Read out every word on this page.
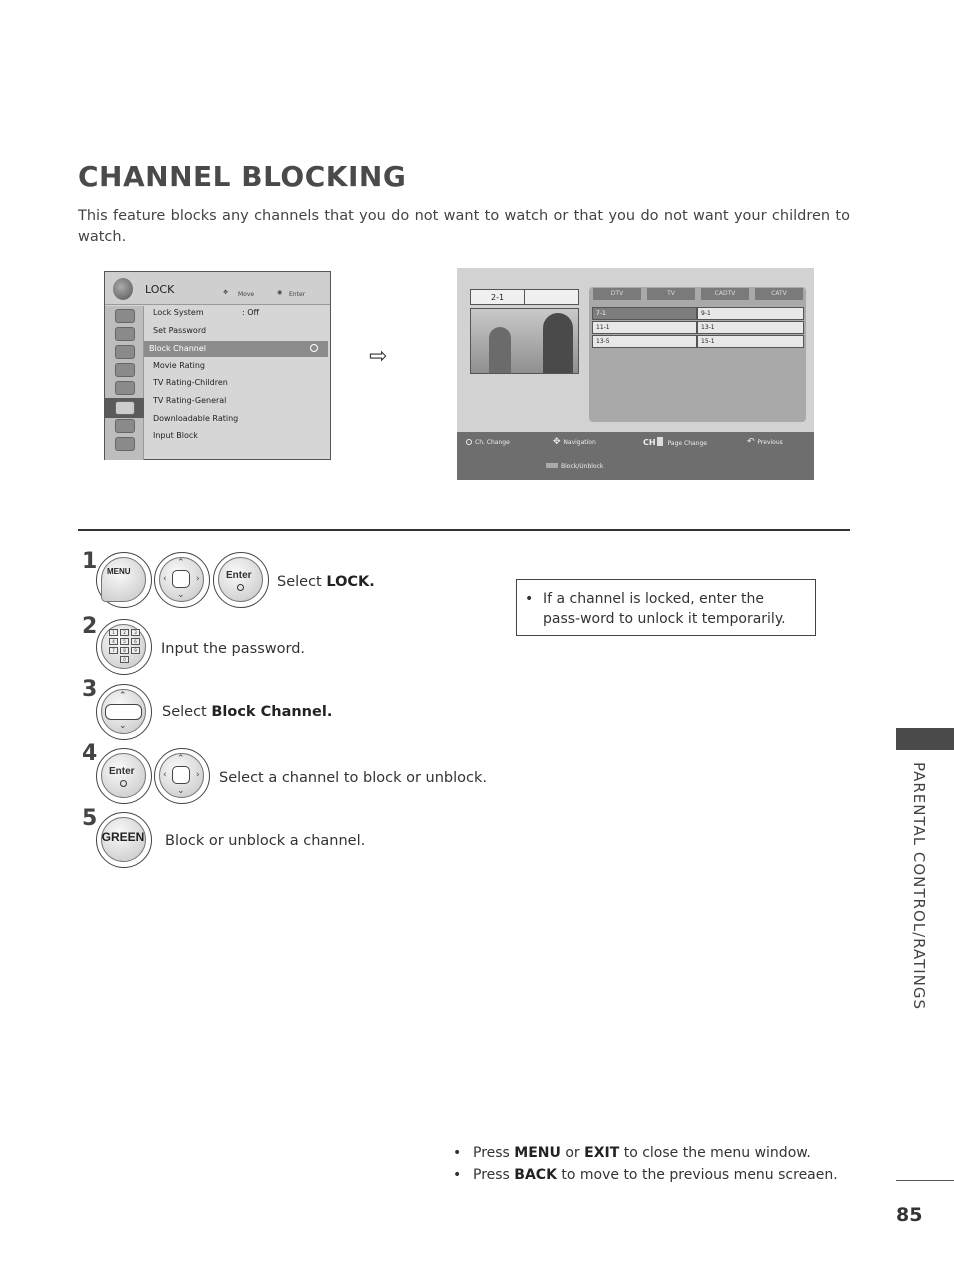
CHANNEL BLOCKING
This feature blocks any channels that you do not want to watch or that you do not want your children to watch.
LOCK	✥ Move	◉ Enter
Lock System	: Off
Set Password
Block Channel
Movie Rating
TV Rating-Children
TV Rating-General
Downloadable Rating
Input Block
⇨
2-1	DTV	TV	CADTV	CATV
7-1	9-1
11-1	13-1
13-5	15-1
Ch. Change	✥ Navigation	CH Page Change	↶ Previous
Block/Unblock
1 MENU
⌃
⌄
‹	›	Enter Select LOCK.
2	1	2	3
4	5	6
7	8	9
0
Input the password.
3 ⌃
⌄
Select Block Channel.
4
Enter
⌃
⌄
‹	› Select a channel to block or unblock.
5
GREEN	Block or unblock a channel.
• If a channel is locked, enter the pass-word to unlock it temporarily.
• Press MENU or EXIT to close the menu window.
• Press BACK to move to the previous menu screaen.
PARENTAL CONTROL/RATINGS
85
